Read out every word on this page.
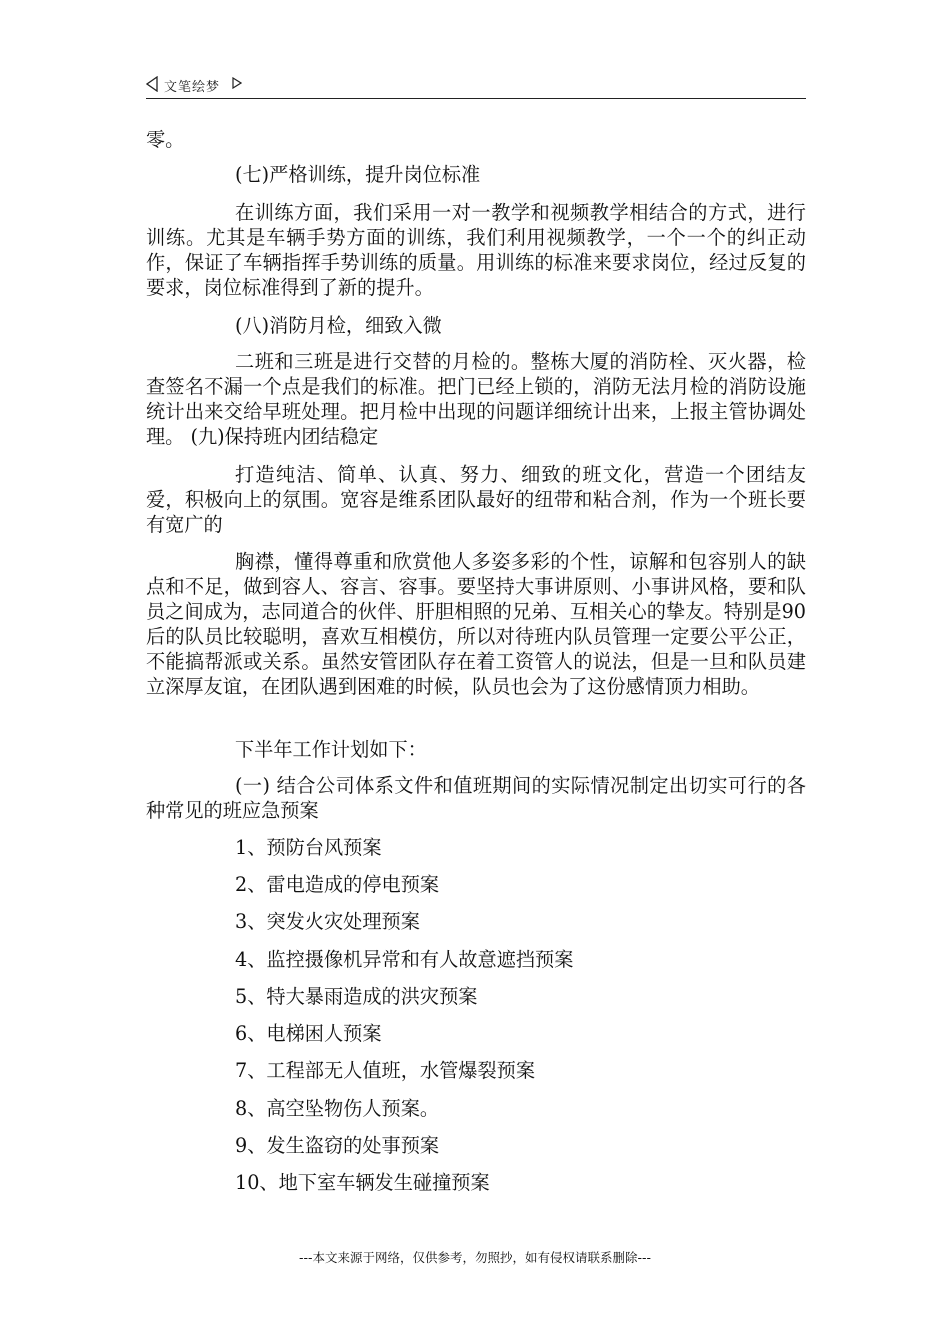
文笔绘梦
零。
(七)严格训练，提升岗位标准
在训练方面，我们采用一对一教学和视频教学相结合的方式，进行训练。尤其是车辆手势方面的训练，我们利用视频教学，一个一个的纠正动作，保证了车辆指挥手势训练的质量。用训练的标准来要求岗位，经过反复的要求，岗位标准得到了新的提升。
(八)消防月检，细致入微
二班和三班是进行交替的月检的。整栋大厦的消防栓、灭火器，检查签名不漏一个点是我们的标准。把门已经上锁的，消防无法月检的消防设施统计出来交给早班处理。把月检中出现的问题详细统计出来，上报主管协调处理。 (九)保持班内团结稳定
打造纯洁、简单、认真、努力、细致的班文化，营造一个团结友爱，积极向上的氛围。宽容是维系团队最好的纽带和粘合剂，作为一个班长要有宽广的
胸襟，懂得尊重和欣赏他人多姿多彩的个性，谅解和包容别人的缺点和不足，做到容人、容言、容事。要坚持大事讲原则、小事讲风格，要和队员之间成为，志同道合的伙伴、肝胆相照的兄弟、互相关心的挚友。特别是90后的队员比较聪明，喜欢互相模仿，所以对待班内队员管理一定要公平公正，不能搞帮派或关系。虽然安管团队存在着工资管人的说法，但是一旦和队员建立深厚友谊，在团队遇到困难的时候，队员也会为了这份感情顶力相助。
下半年工作计划如下：
(一) 结合公司体系文件和值班期间的实际情况制定出切实可行的各种常见的班应急预案
1、预防台风预案
2、雷电造成的停电预案
3、突发火灾处理预案
4、监控摄像机异常和有人故意遮挡预案
5、特大暴雨造成的洪灾预案
6、电梯困人预案
7、工程部无人值班，水管爆裂预案
8、高空坠物伤人预案。
9、发生盗窃的处事预案
10、地下室车辆发生碰撞预案
---本文来源于网络，仅供参考，勿照抄，如有侵权请联系删除---
